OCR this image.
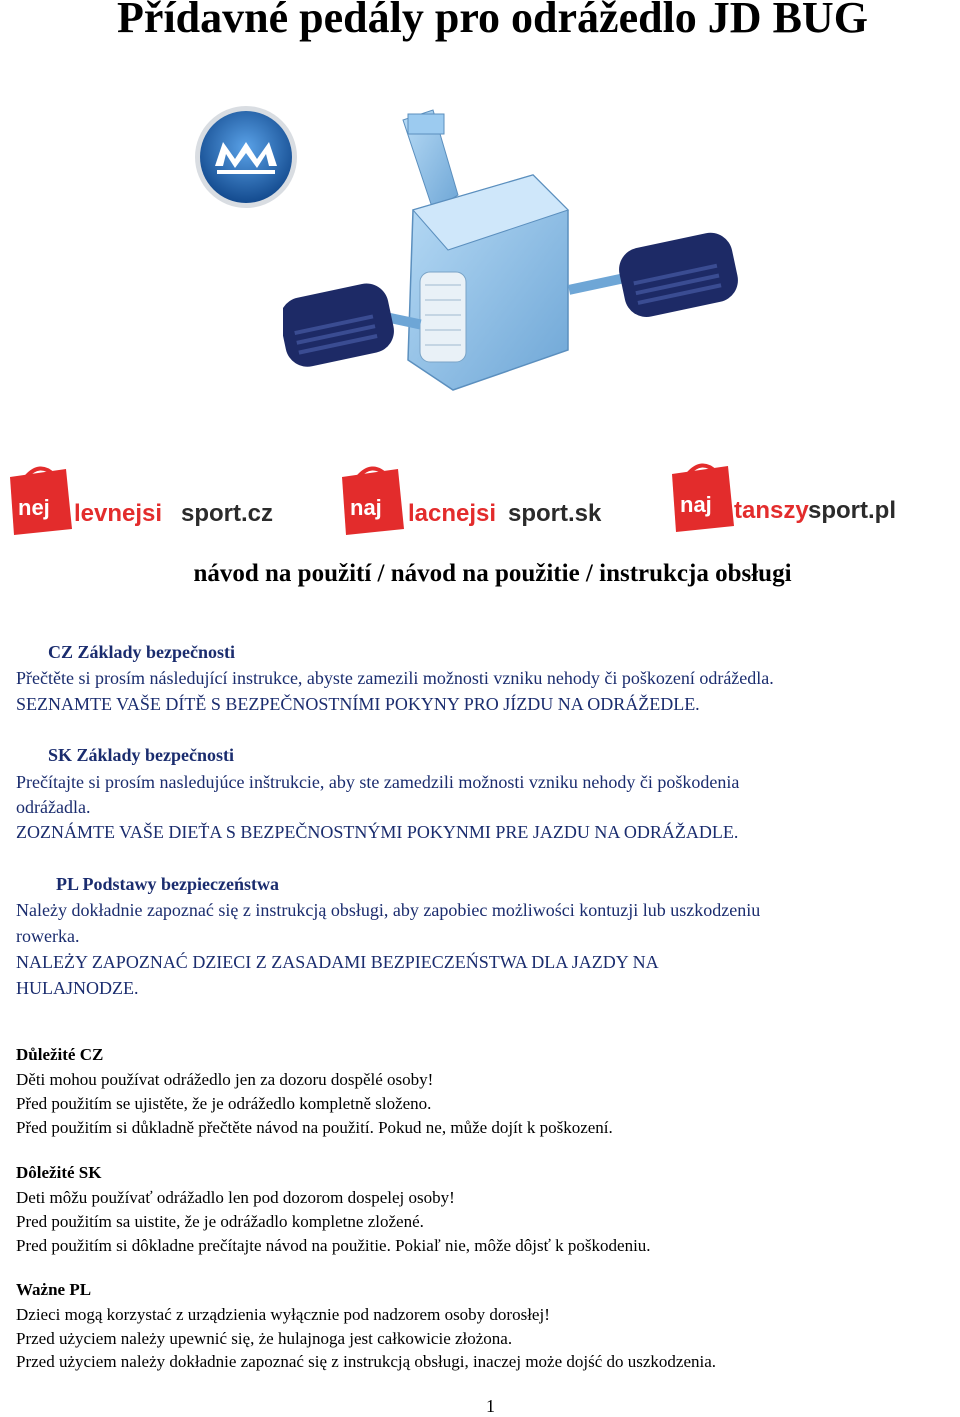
Přídavné pedály pro odrážedlo JD BUG
nej levnejsi sport.cz	naj lacnejsi sport.sk	naj tanszy sport.pl
návod na použití / návod na použitie / instrukcja obsługi
CZ Základy bezpečnosti
Přečtěte si prosím následující instrukce, abyste zamezili možnosti vzniku nehody či poškození odrážedla.
SEZNAMTE VAŠE DÍTĚ S BEZPEČNOSTNÍMI POKYNY PRO JÍZDU NA ODRÁŽEDLE.
SK Základy bezpečnosti
Prečítajte si prosím nasledujúce inštrukcie, aby ste zamedzili možnosti vzniku nehody či poškodenia
odrážadla.
ZOZNÁMTE VAŠE DIEŤA S BEZPEČNOSTNÝMI POKYNMI PRE JAZDU NA ODRÁŽADLE.
PL Podstawy bezpieczeństwa
Należy dokładnie zapoznać się z instrukcją obsługi, aby zapobiec możliwości kontuzji lub uszkodzeniu
rowerka.
NALEŻY ZAPOZNAĆ DZIECI Z ZASADAMI BEZPIECZEŃSTWA DLA JAZDY NA
HULAJNODZE.
Důležité CZ
Děti mohou používat odrážedlo jen za dozoru dospělé osoby!
Před použitím se ujistěte, že je odrážedlo kompletně složeno.
Před použitím si důkladně přečtěte návod na použití. Pokud ne, může dojít k poškození.
Dôležité SK
Deti môžu používať odrážadlo len pod dozorom dospelej osoby!
Pred použitím sa uistite, že je odrážadlo kompletne zložené.
Pred použitím si dôkladne prečítajte návod na použitie. Pokiaľ nie, môže dôjsť k poškodeniu.
Ważne PL
Dzieci mogą korzystać z urządzienia wyłącznie pod nadzorem osoby dorosłej!
Przed użyciem należy upewnić się, że hulajnoga jest całkowicie złożona.
Przed użyciem należy dokładnie zapoznać się z instrukcją obsługi, inaczej może dojść do uszkodzenia.
1
